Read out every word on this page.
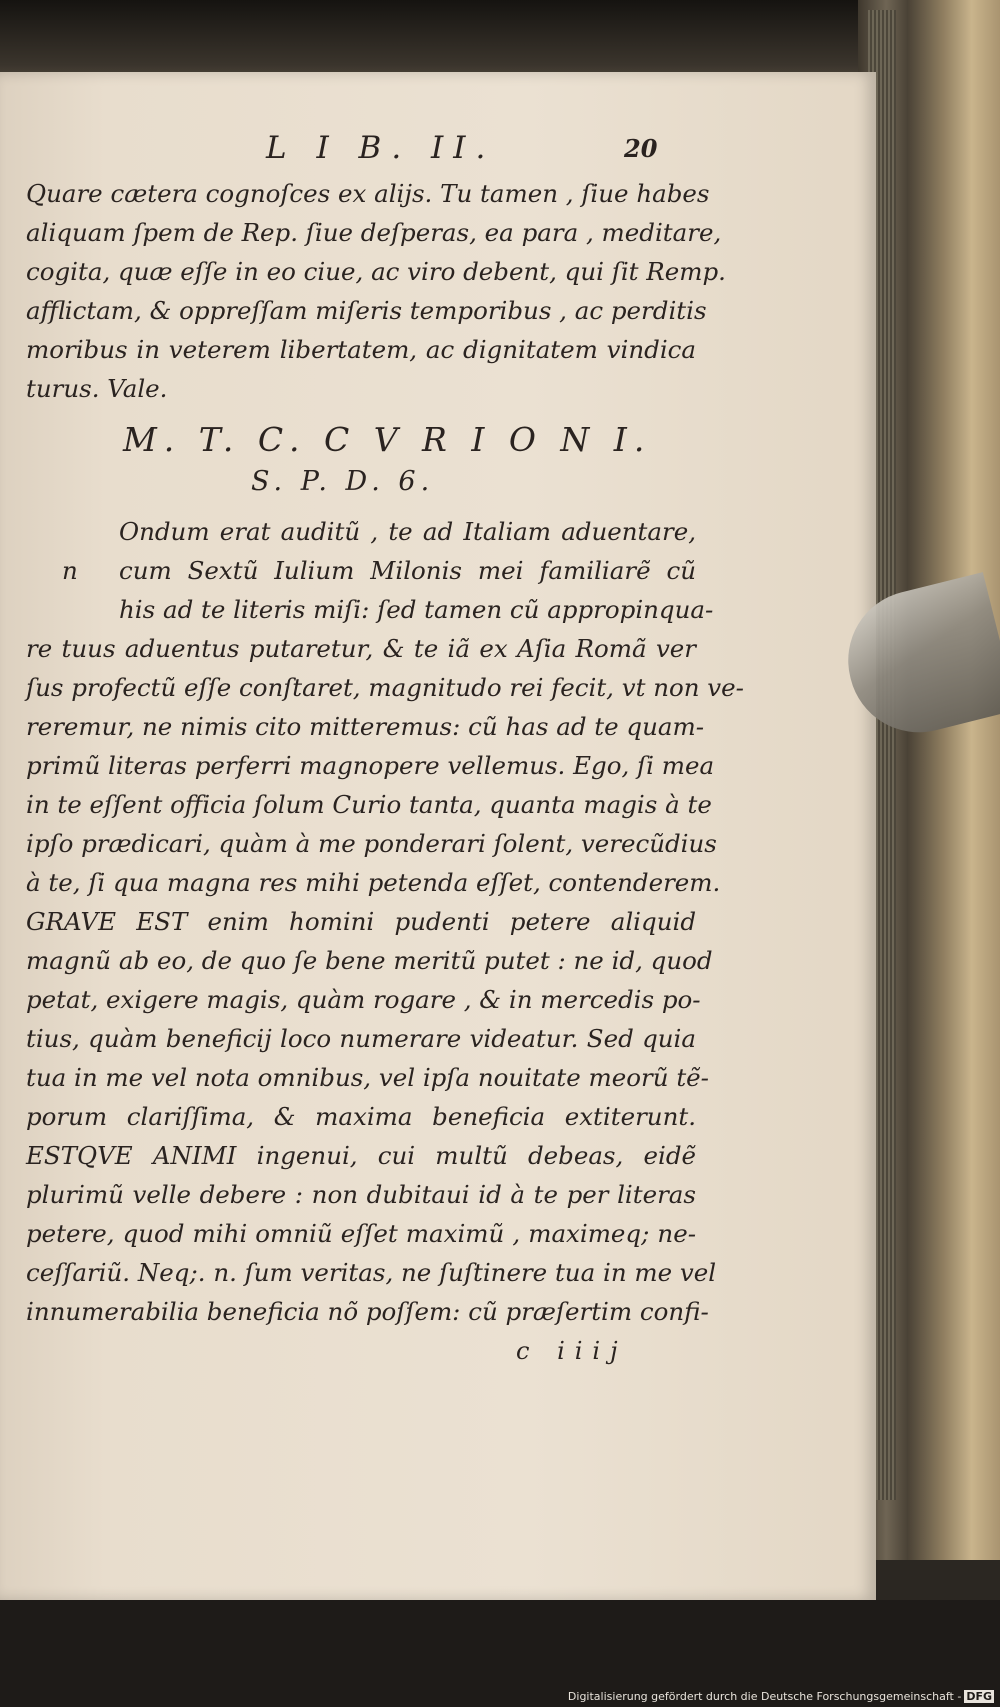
L I B. II.	20
Quare cætera cognoſces ex aliјs. Tu tamen , ſiue habes
aliquam ſpem de Rep. ſiue deſperas, ea para , meditare,
cogita, quæ eſſe in eo ciue, ac viro debent, qui ſit Remp.
afflictam, & oppreſſam miſeris temporibus , ac perditis
moribus in veterem libertatem, ac dignitatem vindica
turus. Vale.
M. T. C. C V R I O N I.
S. P. D. 6.
Ondum erat auditũ , te ad Italiam aduentare,
n	cum Sextũ Iulium Milonis mei familiarẽ cũ
his ad te literis miſi: ſed tamen cũ appropinqua-
re tuus aduentus putaretur, & te iã ex Aſia Romã ver
ſus profectũ eſſe conſtaret, magnitudo rei fecit, vt non ve-
reremur, ne nimis cito mitteremus: cũ has ad te quam-
primũ literas perferri magnopere vellemus. Ego, ſi mea
in te eſſent officia ſolum Curio tanta, quanta magis à te
ipſo prædicari, quàm à me ponderari ſolent, verecũdius
à te, ſi qua magna res mihi petenda eſſet, contenderem.
GRAVE EST enim homini pudenti petere aliquid
magnũ ab eo, de quo ſe bene meritũ putet : ne id, quod
petat, exigere magis, quàm rogare , & in mercedis po-
tius, quàm beneficij loco numerare videatur. Sed quia
tua in me vel nota omnibus, vel ipſa nouitate meorũ tẽ-
porum clariſſima, & maxima beneficia extiterunt.
ESTQVE ANIMI ingenui, cui multũ debeas, eidẽ
plurimũ velle debere : non dubitaui id à te per literas
petere, quod mihi omniũ eſſet maximũ , maximeq; ne-
ceſſariũ. Neq;. n. ſum veritas, ne ſuſtinere tua in me vel
innumerabilia beneficia nõ poſſem: cũ præſertim confi-
c iiij
Digitalisierung gefördert durch die Deutsche Forschungsgemeinschaft - DFG
